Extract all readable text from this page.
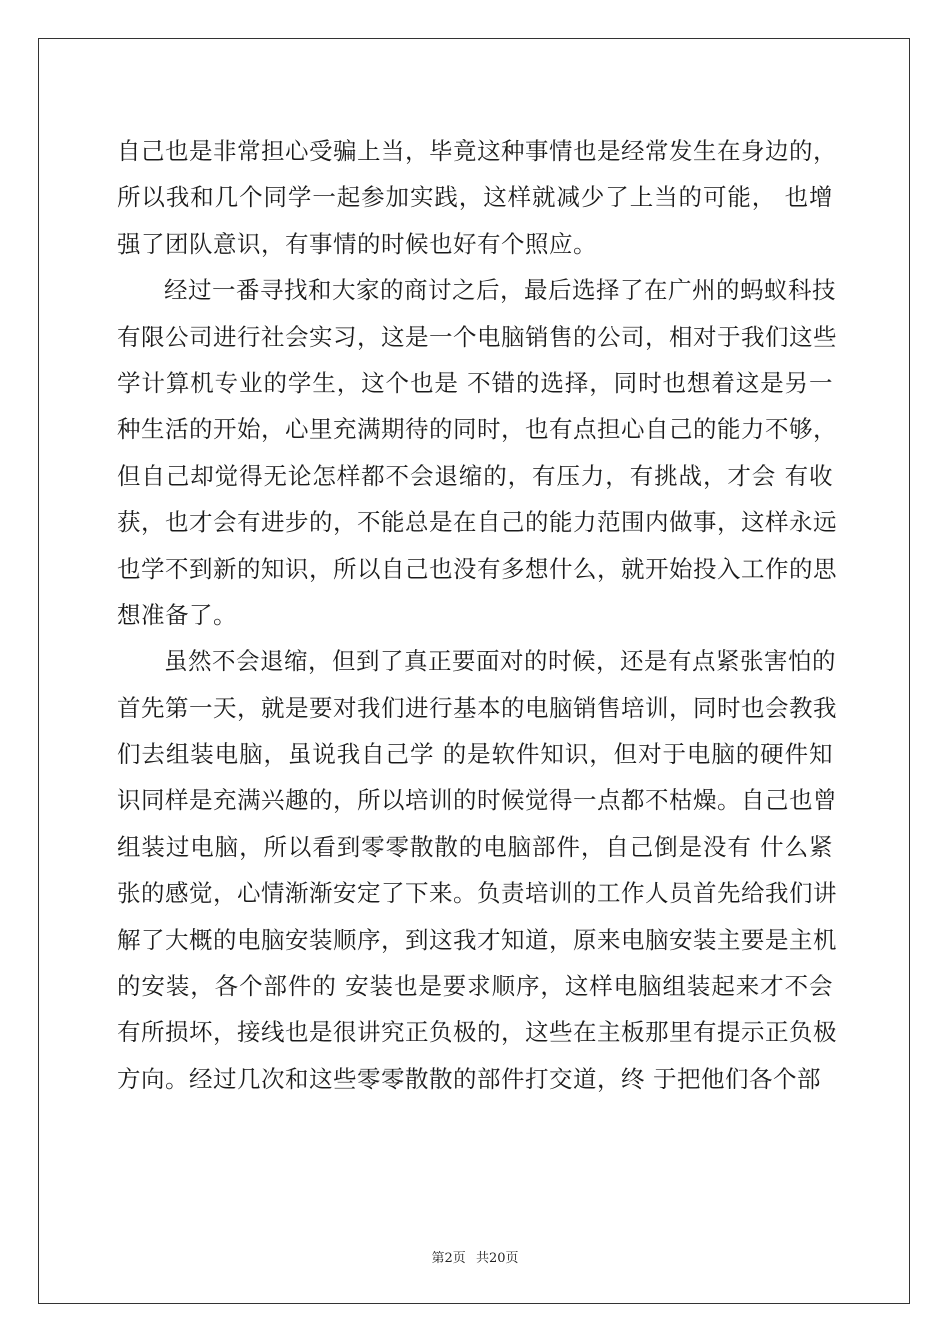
自己也是非常担心受骗上当，毕竟这种事情也是经常发生在身边的，
所以我和几个同学一起参加实践，这样就减少了上当的可能， 也增
强了团队意识，有事情的时候也好有个照应。
经过一番寻找和大家的商讨之后，最后选择了在广州的蚂蚁科技
有限公司进行社会实习，这是一个电脑销售的公司，相对于我们这些
学计算机专业的学生，这个也是 不错的选择，同时也想着这是另一
种生活的开始，心里充满期待的同时，也有点担心自己的能力不够，
但自己却觉得无论怎样都不会退缩的，有压力，有挑战，才会 有收
获，也才会有进步的，不能总是在自己的能力范围内做事，这样永远
也学不到新的知识，所以自己也没有多想什么，就开始投入工作的思
想准备了。
虽然不会退缩，但到了真正要面对的时候，还是有点紧张害怕的
首先第一天，就是要对我们进行基本的电脑销售培训，同时也会教我
们去组装电脑，虽说我自己学 的是软件知识，但对于电脑的硬件知
识同样是充满兴趣的，所以培训的时候觉得一点都不枯燥。自己也曾
组装过电脑，所以看到零零散散的电脑部件，自己倒是没有 什么紧
张的感觉，心情渐渐安定了下来。负责培训的工作人员首先给我们讲
解了大概的电脑安装顺序，到这我才知道，原来电脑安装主要是主机
的安装，各个部件的 安装也是要求顺序，这样电脑组装起来才不会
有所损坏，接线也是很讲究正负极的，这些在主板那里有提示正负极
方向。经过几次和这些零零散散的部件打交道，终 于把他们各个部
第2页 共20页
